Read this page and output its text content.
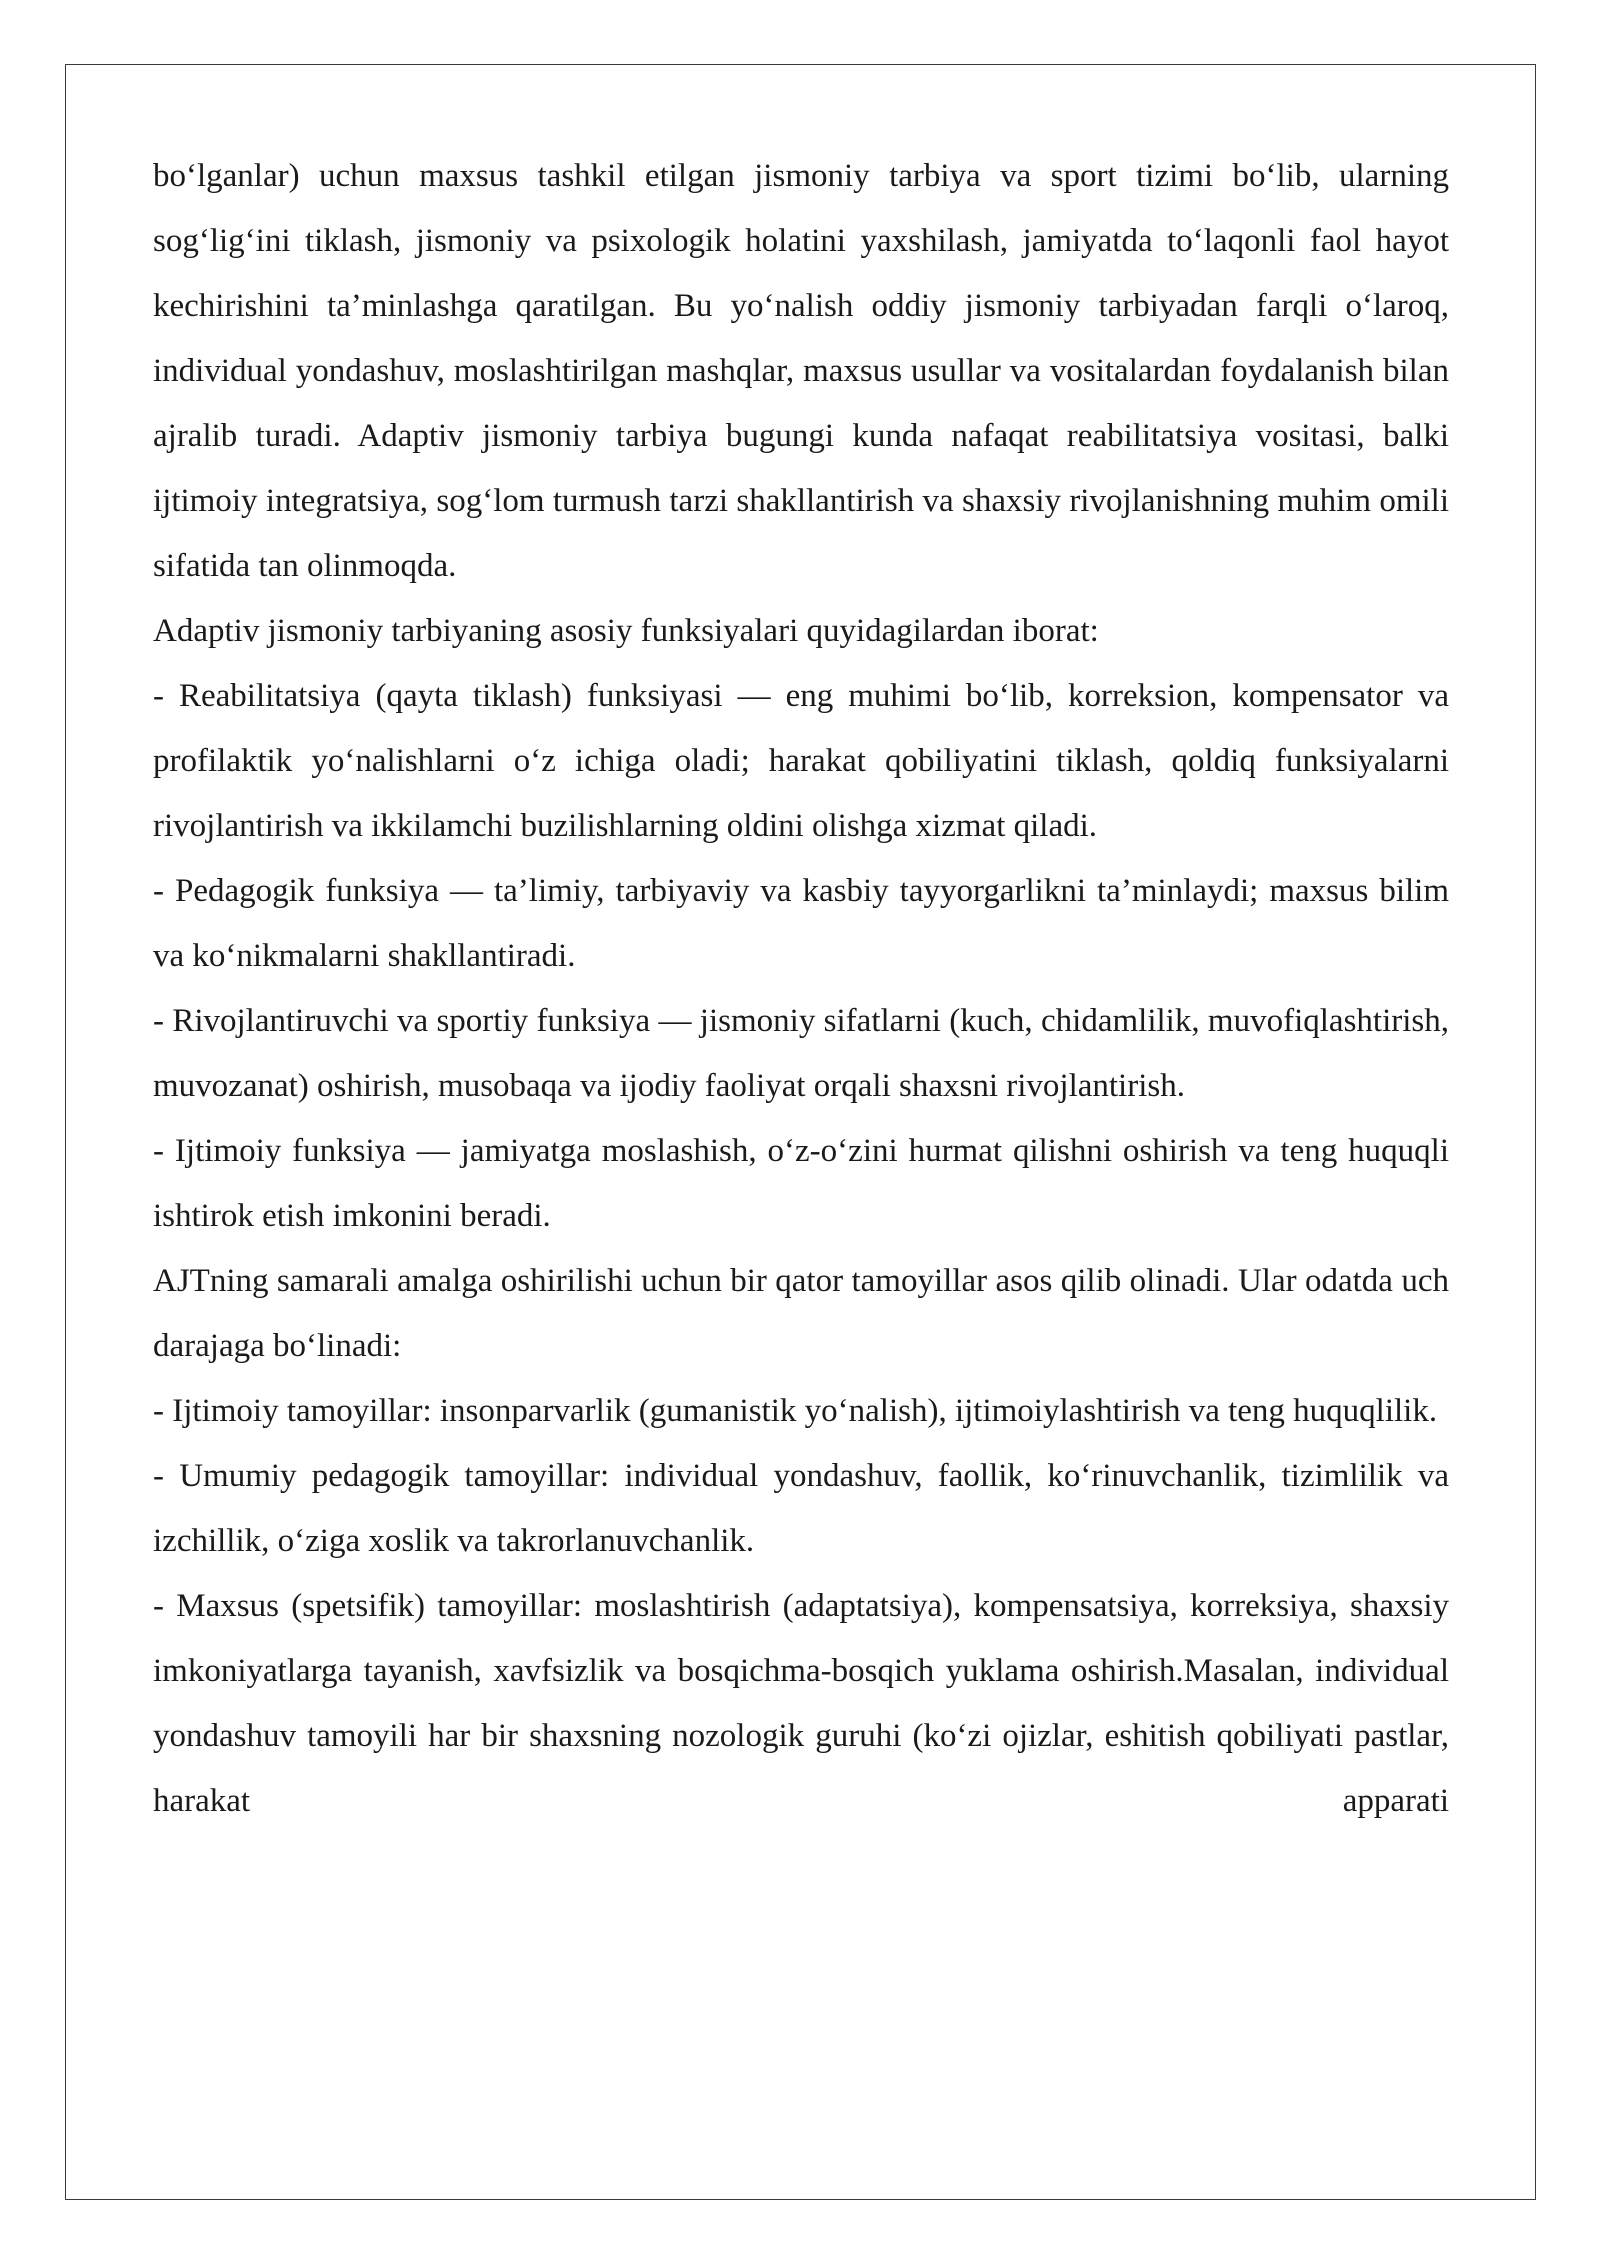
bo‘lganlar) uchun maxsus tashkil etilgan jismoniy tarbiya va sport tizimi bo‘lib, ularning sog‘lig‘ini tiklash, jismoniy va psixologik holatini yaxshilash, jamiyatda to‘laqonli faol hayot kechirishini ta’minlashga qaratilgan. Bu yo‘nalish oddiy jismoniy tarbiyadan farqli o‘laroq, individual yondashuv, moslashtirilgan mashqlar, maxsus usullar va vositalardan foydalanish bilan ajralib turadi. Adaptiv jismoniy tarbiya bugungi kunda nafaqat reabilitatsiya vositasi, balki ijtimoiy integratsiya, sog‘lom turmush tarzi shakllantirish va shaxsiy rivojlanishning muhim omili sifatida tan olinmoqda.

Adaptiv jismoniy tarbiyaning asosiy funksiyalari quyidagilardan iborat:

- Reabilitatsiya (qayta tiklash) funksiyasi — eng muhimi bo‘lib, korreksion, kompensator va profilaktik yo‘nalishlarni o‘z ichiga oladi; harakat qobiliyatini tiklash, qoldiq funksiyalarni rivojlantirish va ikkilamchi buzilishlarning oldini olishga xizmat qiladi.

- Pedagogik funksiya — ta’limiy, tarbiyaviy va kasbiy tayyorgarlikni ta’minlaydi; maxsus bilim va ko‘nikmalarni shakllantiradi.

- Rivojlantiruvchi va sportiy funksiya — jismoniy sifatlarni (kuch, chidamlilik, muvofiqlashtirish, muvozanat) oshirish, musobaqa va ijodiy faoliyat orqali shaxsni rivojlantirish.

- Ijtimoiy funksiya — jamiyatga moslashish, o‘z-o‘zini hurmat qilishni oshirish va teng huquqli ishtirok etish imkonini beradi.

AJTning samarali amalga oshirilishi uchun bir qator tamoyillar asos qilib olinadi. Ular odatda uch darajaga bo‘linadi:

- Ijtimoiy tamoyillar: insonparvarlik (gumanistik yo‘nalish), ijtimoiylashtirish va teng huquqlilik.

- Umumiy pedagogik tamoyillar: individual yondashuv, faollik, ko‘rinuvchanlik, tizimlilik va izchillik, o‘ziga xoslik va takrorlanuvchanlik.

- Maxsus (spetsifik) tamoyillar: moslashtirish (adaptatsiya), kompensatsiya, korreksiya, shaxsiy imkoniyatlarga tayanish, xavfsizlik va bosqichma-bosqich yuklama oshirish.Masalan, individual yondashuv tamoyili har bir shaxsning nozologik guruhi (ko‘zi ojizlar, eshitish qobiliyati pastlar, harakat apparati
